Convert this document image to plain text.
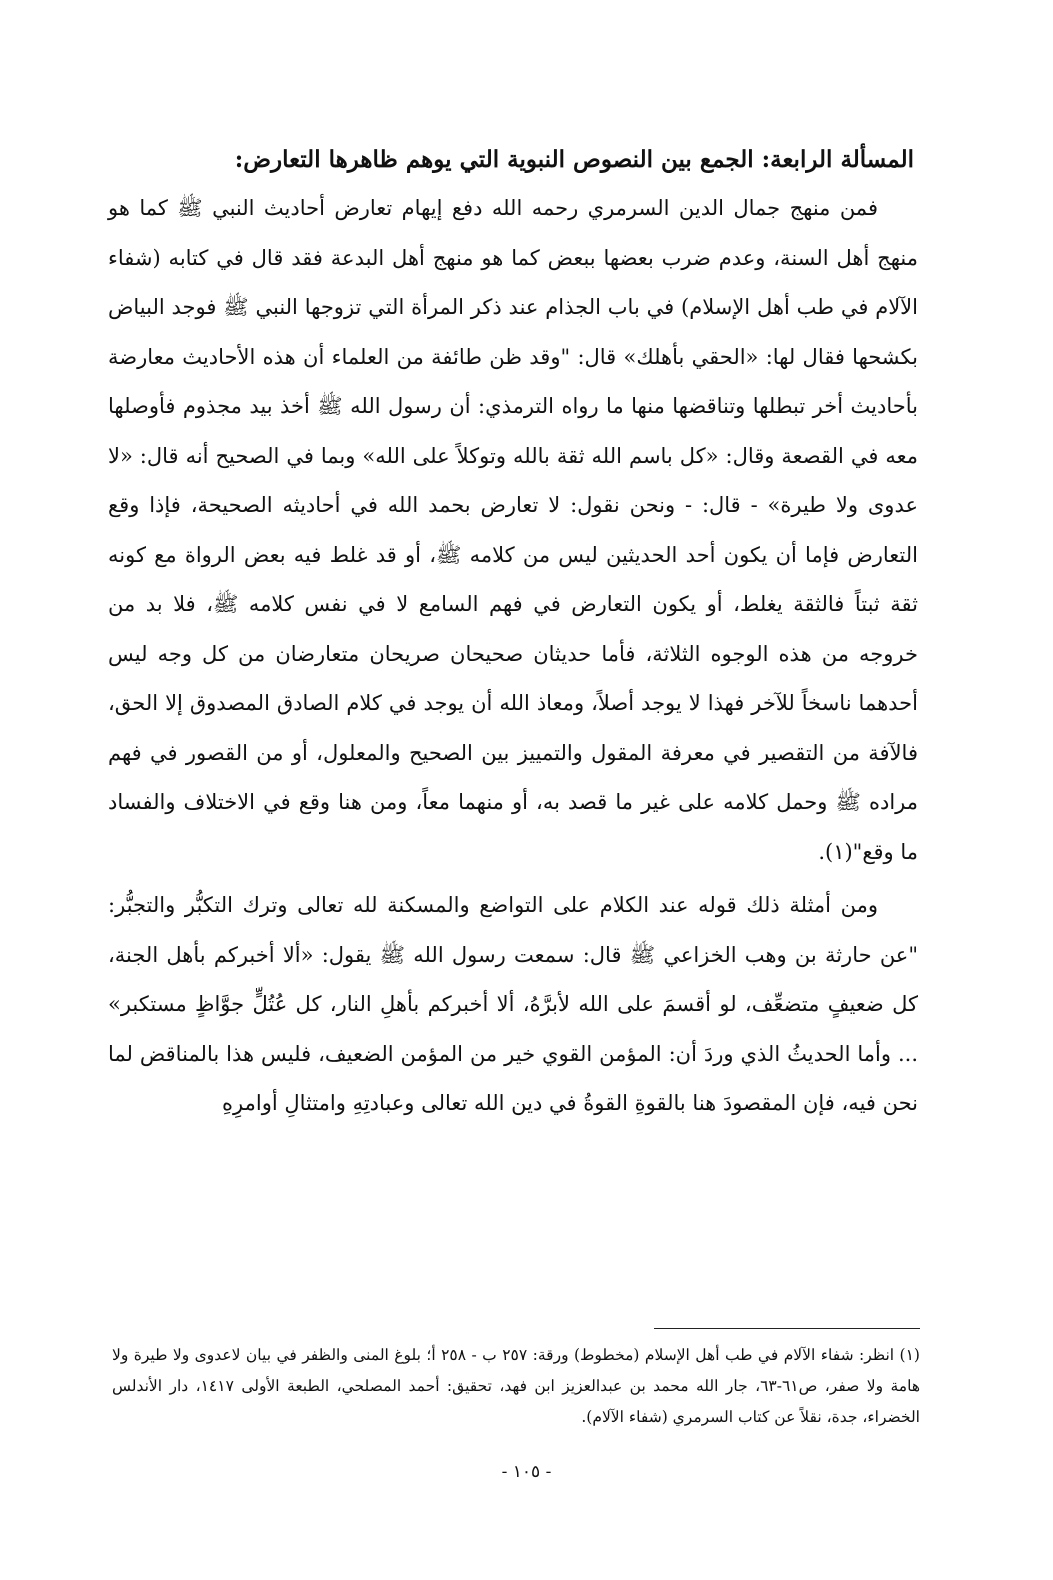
المسألة الرابعة: الجمع بين النصوص النبوية التي يوهم ظاهرها التعارض:

فمن منهج جمال الدين السرمري رحمه الله دفع إيهام تعارض أحاديث النبي ﷺ كما هو منهج أهل السنة، وعدم ضرب بعضها ببعض كما هو منهج أهل البدعة فقد قال في كتابه (شفاء الآلام في طب أهل الإسلام) في باب الجذام عند ذكر المرأة التي تزوجها النبي ﷺ فوجد البياض بكشحها فقال لها: «الحقي بأهلك» قال: "وقد ظن طائفة من العلماء أن هذه الأحاديث معارضة بأحاديث أخر تبطلها وتناقضها منها ما رواه الترمذي: أن رسول الله ﷺ أخذ بيد مجذوم فأوصلها معه في القصعة وقال: «كل باسم الله ثقة بالله وتوكلاً على الله» وبما في الصحيح أنه قال: «لا عدوى ولا طيرة» - قال: - ونحن نقول: لا تعارض بحمد الله في أحاديثه الصحيحة، فإذا وقع التعارض فإما أن يكون أحد الحديثين ليس من كلامه ﷺ، أو قد غلط فيه بعض الرواة مع كونه ثقة ثبتاً فالثقة يغلط، أو يكون التعارض في فهم السامع لا في نفس كلامه ﷺ، فلا بد من خروجه من هذه الوجوه الثلاثة، فأما حديثان صحيحان صريحان متعارضان من كل وجه ليس أحدهما ناسخاً للآخر فهذا لا يوجد أصلاً، ومعاذ الله أن يوجد في كلام الصادق المصدوق إلا الحق، فالآفة من التقصير في معرفة المقول والتمييز بين الصحيح والمعلول، أو من القصور في فهم مراده ﷺ وحمل كلامه على غير ما قصد به، أو منهما معاً، ومن هنا وقع في الاختلاف والفساد ما وقع"(١).

ومن أمثلة ذلك قوله عند الكلام على التواضع والمسكنة لله تعالى وترك التكبُّر والتجبُّر: "عن حارثة بن وهب الخزاعي ﷺ قال: سمعت رسول الله ﷺ يقول: «ألا أخبركم بأهل الجنة، كل ضعيفٍ متضعِّف، لو أقسمَ على الله لأبرَّهُ، ألا أخبركم بأهلِ النار، كل عُتُلٍّ جوَّاظٍ مستكبر» ... وأما الحديثُ الذي وردَ أن: المؤمن القوي خير من المؤمن الضعيف، فليس هذا بالمناقض لما نحن فيه، فإن المقصودَ هنا بالقوةِ القوةُ في دين الله تعالى وعبادتِهِ وامتثالِ أوامرِهِ

(١) انظر: شفاء الآلام في طب أهل الإسلام (مخطوط) ورقة: ٢٥٧ ب - ٢٥٨ أ؛ بلوغ المنى والظفر في بيان لاعدوى ولا طيرة ولا هامة ولا صفر، ص٦١-٦٣، جار الله محمد بن عبدالعزيز ابن فهد، تحقيق: أحمد المصلحي، الطبعة الأولى ١٤١٧، دار الأندلس الخضراء، جدة، نقلاً عن كتاب السرمري (شفاء الآلام).

- ١٠٥ -
